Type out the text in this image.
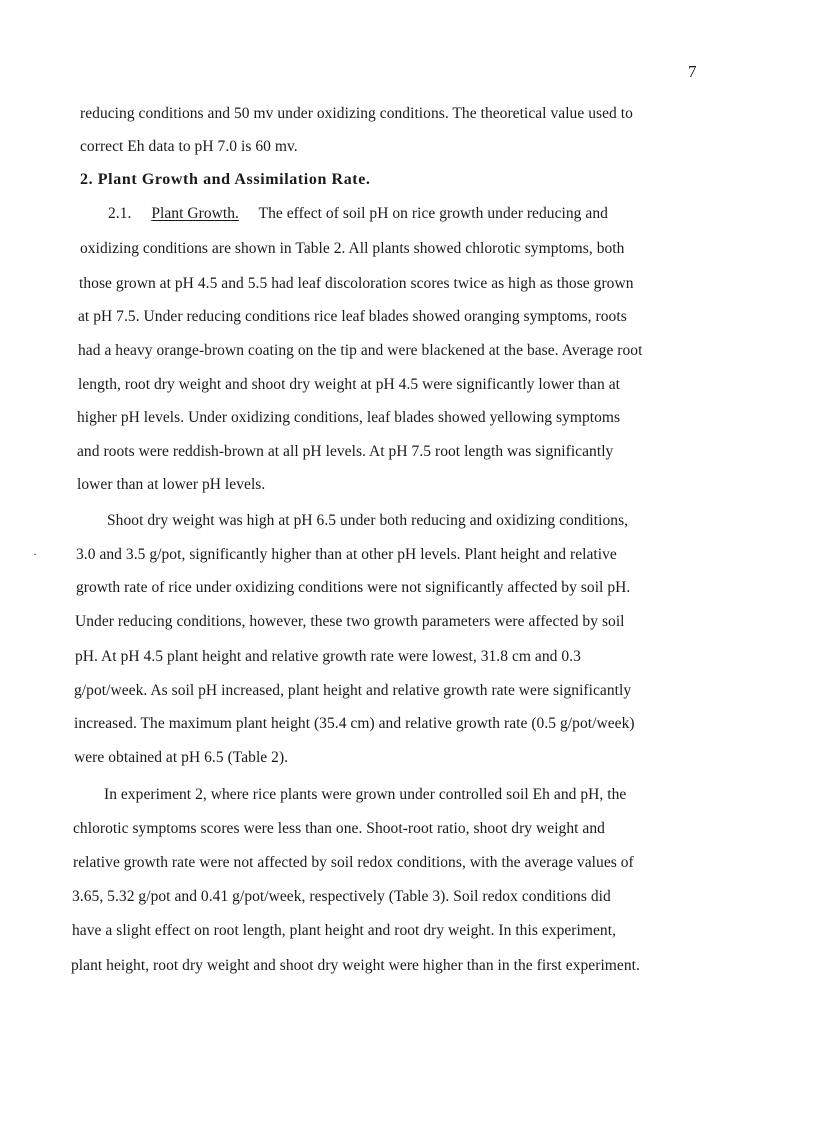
7
·
reducing conditions and 50 mv under oxidizing conditions. The theoretical value used to
correct Eh data to pH 7.0 is 60 mv.
2. Plant Growth and Assimilation Rate.
2.1. Plant Growth. The effect of soil pH on rice growth under reducing and
oxidizing conditions are shown in Table 2. All plants showed chlorotic symptoms, both
those grown at pH 4.5 and 5.5 had leaf discoloration scores twice as high as those grown
at pH 7.5. Under reducing conditions rice leaf blades showed oranging symptoms, roots
had a heavy orange-brown coating on the tip and were blackened at the base. Average root
length, root dry weight and shoot dry weight at pH 4.5 were significantly lower than at
higher pH levels. Under oxidizing conditions, leaf blades showed yellowing symptoms
and roots were reddish-brown at all pH levels. At pH 7.5 root length was significantly
lower than at lower pH levels.
Shoot dry weight was high at pH 6.5 under both reducing and oxidizing conditions,
3.0 and 3.5 g/pot, significantly higher than at other pH levels. Plant height and relative
growth rate of rice under oxidizing conditions were not significantly affected by soil pH.
Under reducing conditions, however, these two growth parameters were affected by soil
pH. At pH 4.5 plant height and relative growth rate were lowest, 31.8 cm and 0.3
g/pot/week. As soil pH increased, plant height and relative growth rate were significantly
increased. The maximum plant height (35.4 cm) and relative growth rate (0.5 g/pot/week)
were obtained at pH 6.5 (Table 2).
In experiment 2, where rice plants were grown under controlled soil Eh and pH, the
chlorotic symptoms scores were less than one. Shoot-root ratio, shoot dry weight and
relative growth rate were not affected by soil redox conditions, with the average values of
3.65, 5.32 g/pot and 0.41 g/pot/week, respectively (Table 3). Soil redox conditions did
have a slight effect on root length, plant height and root dry weight. In this experiment,
plant height, root dry weight and shoot dry weight were higher than in the first experiment.
